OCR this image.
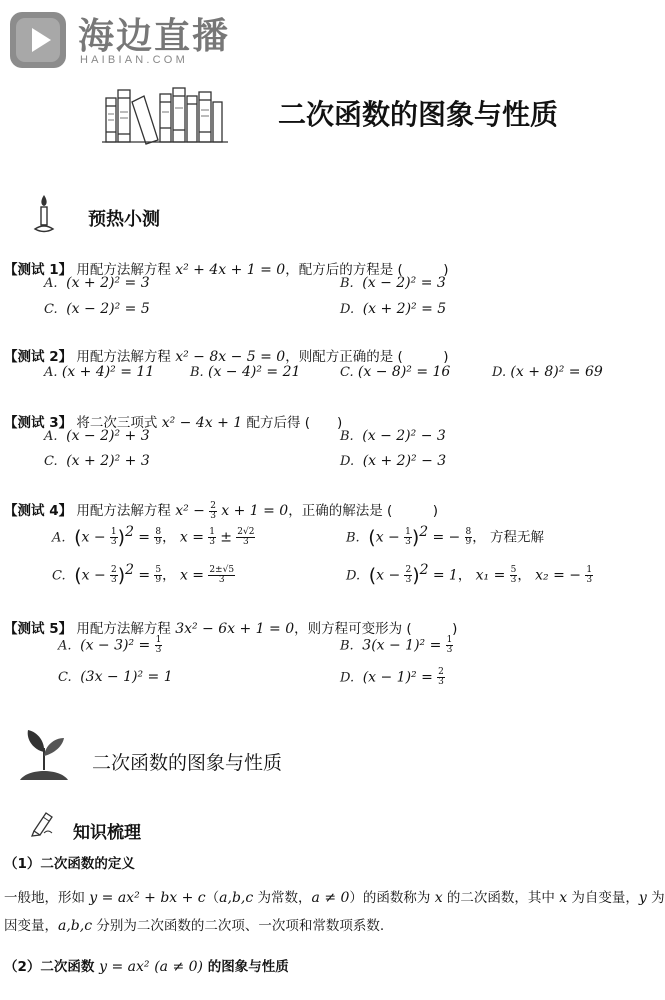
海边直播
HAIBIAN.COM
二次函数的图象与性质
预热小测
【测试 1】 用配方法解方程 x² + 4x + 1 = 0，配方后的方程是 (　　　)
A. (x + 2)² = 3	B. (x − 2)² = 3
C. (x − 2)² = 5	D. (x + 2)² = 5
【测试 2】 用配方法解方程 x² − 8x − 5 = 0，则配方正确的是 (　　　)
A. (x + 4)² = 11	B. (x − 4)² = 21	C. (x − 8)² = 16	D. (x + 8)² = 69
【测试 3】 将二次三项式 x² − 4x + 1 配方后得 (　　)
A. (x − 2)² + 3	B. (x − 2)² − 3
C. (x + 2)² + 3	D. (x + 2)² − 3
【测试 4】 用配方法解方程 $x^2 - \frac{2}{3}$ x + 1 = 0，正确的解法是 (　　　)
A. $(x - \frac{1}{3} )^2 = \frac{8}{9}$ ， $x = \frac{1}{3} \pm \frac{2√2}{3}$	B. $(x - \frac{1}{3} )^2$ = − $\frac{8}{9}$ ， 方程无解
C. $(x - \frac{2}{3} )^2 = \frac{5}{9}$ ， $x = \frac{2\pm√5}{3}$	D. $(x - \frac{2}{3} )^2 = 1$， $x_1 = \frac{5}{3}$ ， x₂ = − $\frac{1}{3}$
【测试 5】 用配方法解方程 3x² − 6x + 1 = 0，则方程可变形为 (　　　)
A. $(x - 3)^2 = \frac{1}{3}$	B. $3(x - 1)^2 = \frac{1}{3}$
C. (3x − 1)² = 1	D. $(x - 1)^2 = \frac{2}{3}$
二次函数的图象与性质
知识梳理
（1）二次函数的定义
一般地，形如 y = ax² + bx + c（a,b,c 为常数，a ≠ 0）的函数称为 x 的二次函数，其中 x 为自变量，y 为
因变量，a,b,c 分别为二次函数的二次项、一次项和常数项系数.
（2）二次函数 y = ax² (a ≠ 0) 的图象与性质
